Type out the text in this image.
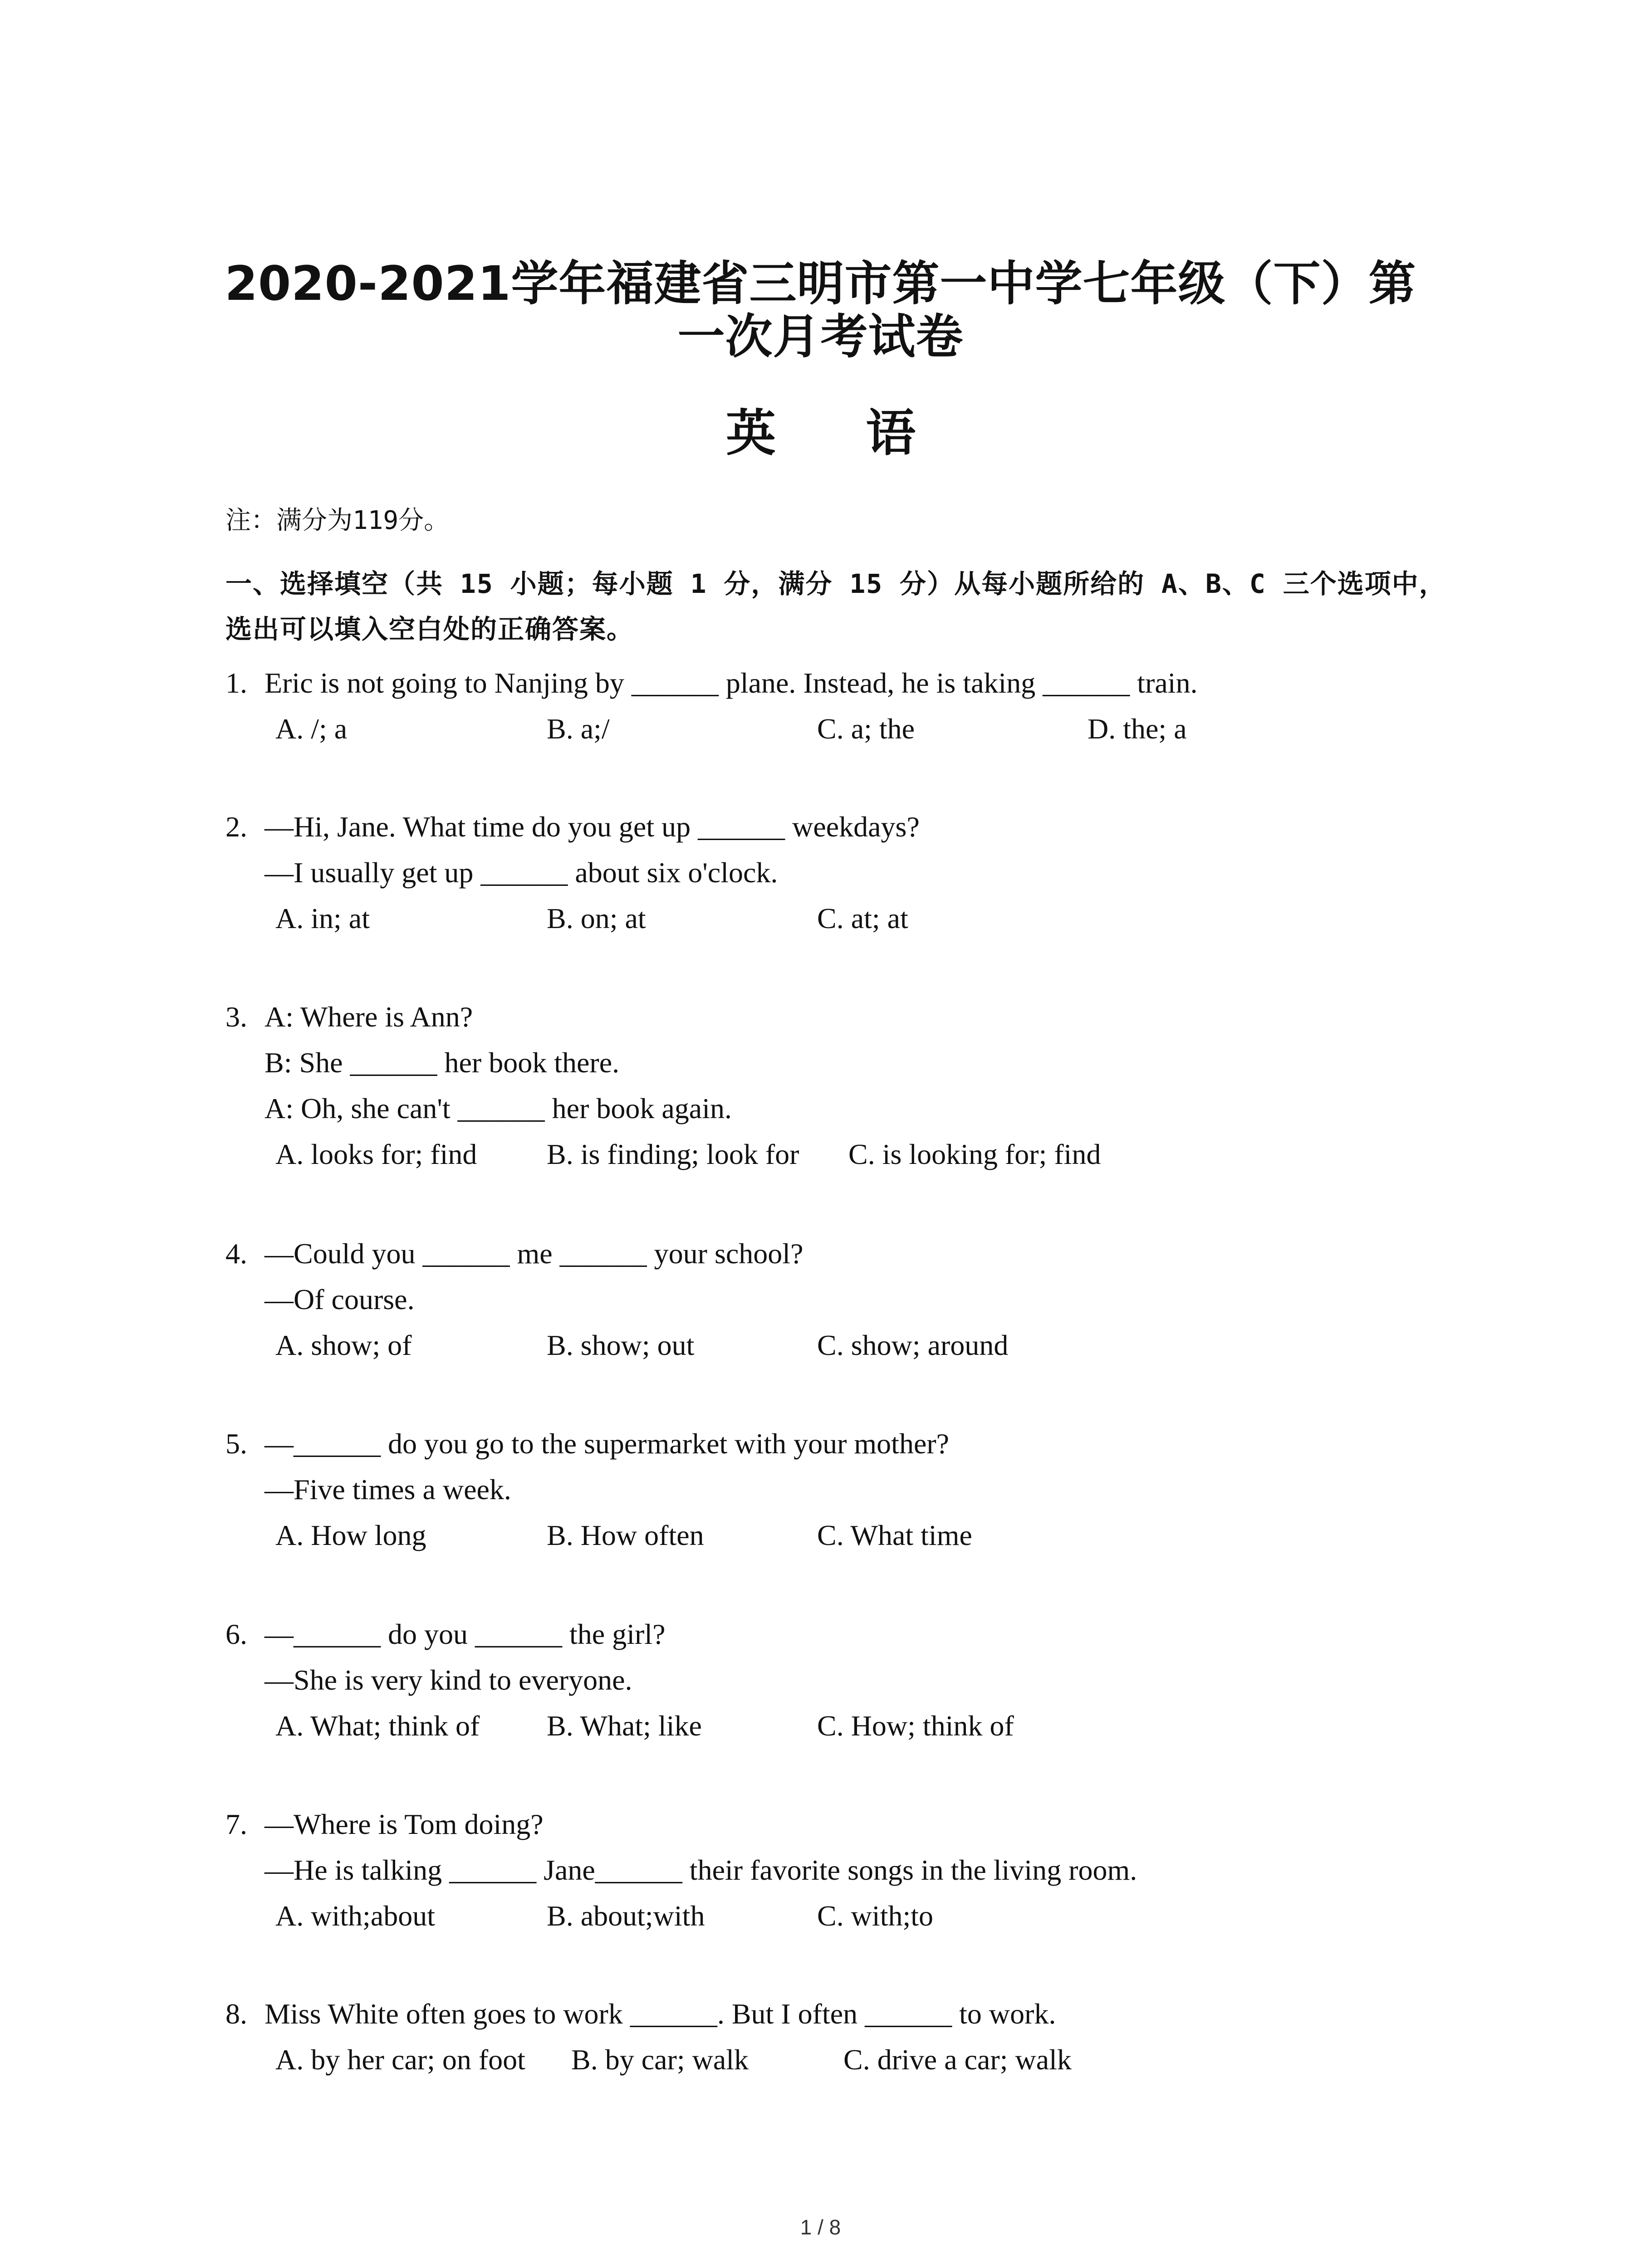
2020-2021学年福建省三明市第一中学七年级（下）第
一次月考试卷
英 语
注：满分为119分。
一、选择填空（共 15 小题；每小题 1 分，满分 15 分）从每小题所给的 A、B、C 三个选项中，选出可以填入空白处的正确答案。
1. Eric is not going to Nanjing by ______ plane. Instead, he is taking ______ train.
A. /; a	B. a;/	C. a; the	D. the; a
2. —Hi, Jane. What time do you get up ______ weekdays?
—I usually get up ______ about six o'clock.
A. in; at	B. on; at	C. at; at
3. A: Where is Ann?
B: She ______ her book there.
A: Oh, she can't ______ her book again.
A. looks for; find B. is finding; look for C. is looking for; find
4. —Could you ______ me ______ your school?
—Of course.
A. show; of	B. show; out	C. show; around
5. —______ do you go to the supermarket with your mother?
—Five times a week.
A. How long	B. How often	C. What time
6. —______ do you ______ the girl?
—She is very kind to everyone.
A. What; think of B. What; like	C. How; think of
7. —Where is Tom doing?
—He is talking ______ Jane______ their favorite songs in the living room.
A. with;about	B. about;with	C. with;to
8. Miss White often goes to work ______. But I often ______ to work.
A. by her car; on foot B. by car; walk	C. drive a car; walk
1 / 8
